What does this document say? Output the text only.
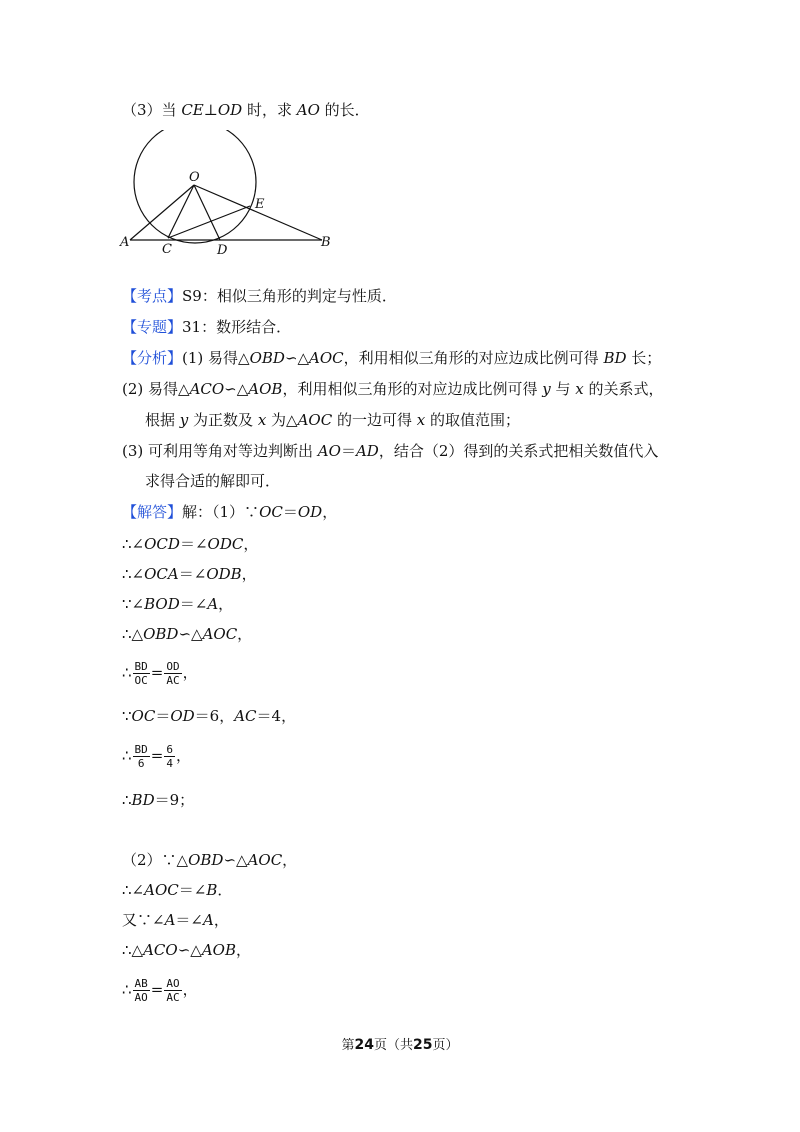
（3）当 CE⊥OD 时，求 AO 的长．
O
E
A	C	D
B
【考点】S9：相似三角形的判定与性质．
【专题】31：数形结合．
【分析】(1) 易得△OBD∽△AOC，利用相似三角形的对应边成比例可得 BD 长；
(2) 易得△ACO∽△AOB，利用相似三角形的对应边成比例可得 y 与 x 的关系式，
根据 y 为正数及 x 为△AOC 的一边可得 x 的取值范围；
(3) 可利用等角对等边判断出 AO＝AD，结合（2）得到的关系式把相关数值代入
求得合适的解即可．
【解答】解：（1）∵OC＝OD，
∴∠OCD＝∠ODC，
∴∠OCA＝∠ODB，
∵∠BOD＝∠A，
∴△OBD∽△AOC，
∴ $\frac{BD}{OC} = \frac{OD}{AC}$ ，
∵OC＝OD＝6，AC＝4，
∴ $\frac{BD}{6} = \frac{6}{4}$ ，
∴BD＝9；
（2）∵△OBD∽△AOC，
∴∠AOC＝∠B．
又∵∠A＝∠A，
∴△ACO∽△AOB，
∴ $\frac{AB}{AO} = \frac{AO}{AC}$ ，
第24页（共25页）
